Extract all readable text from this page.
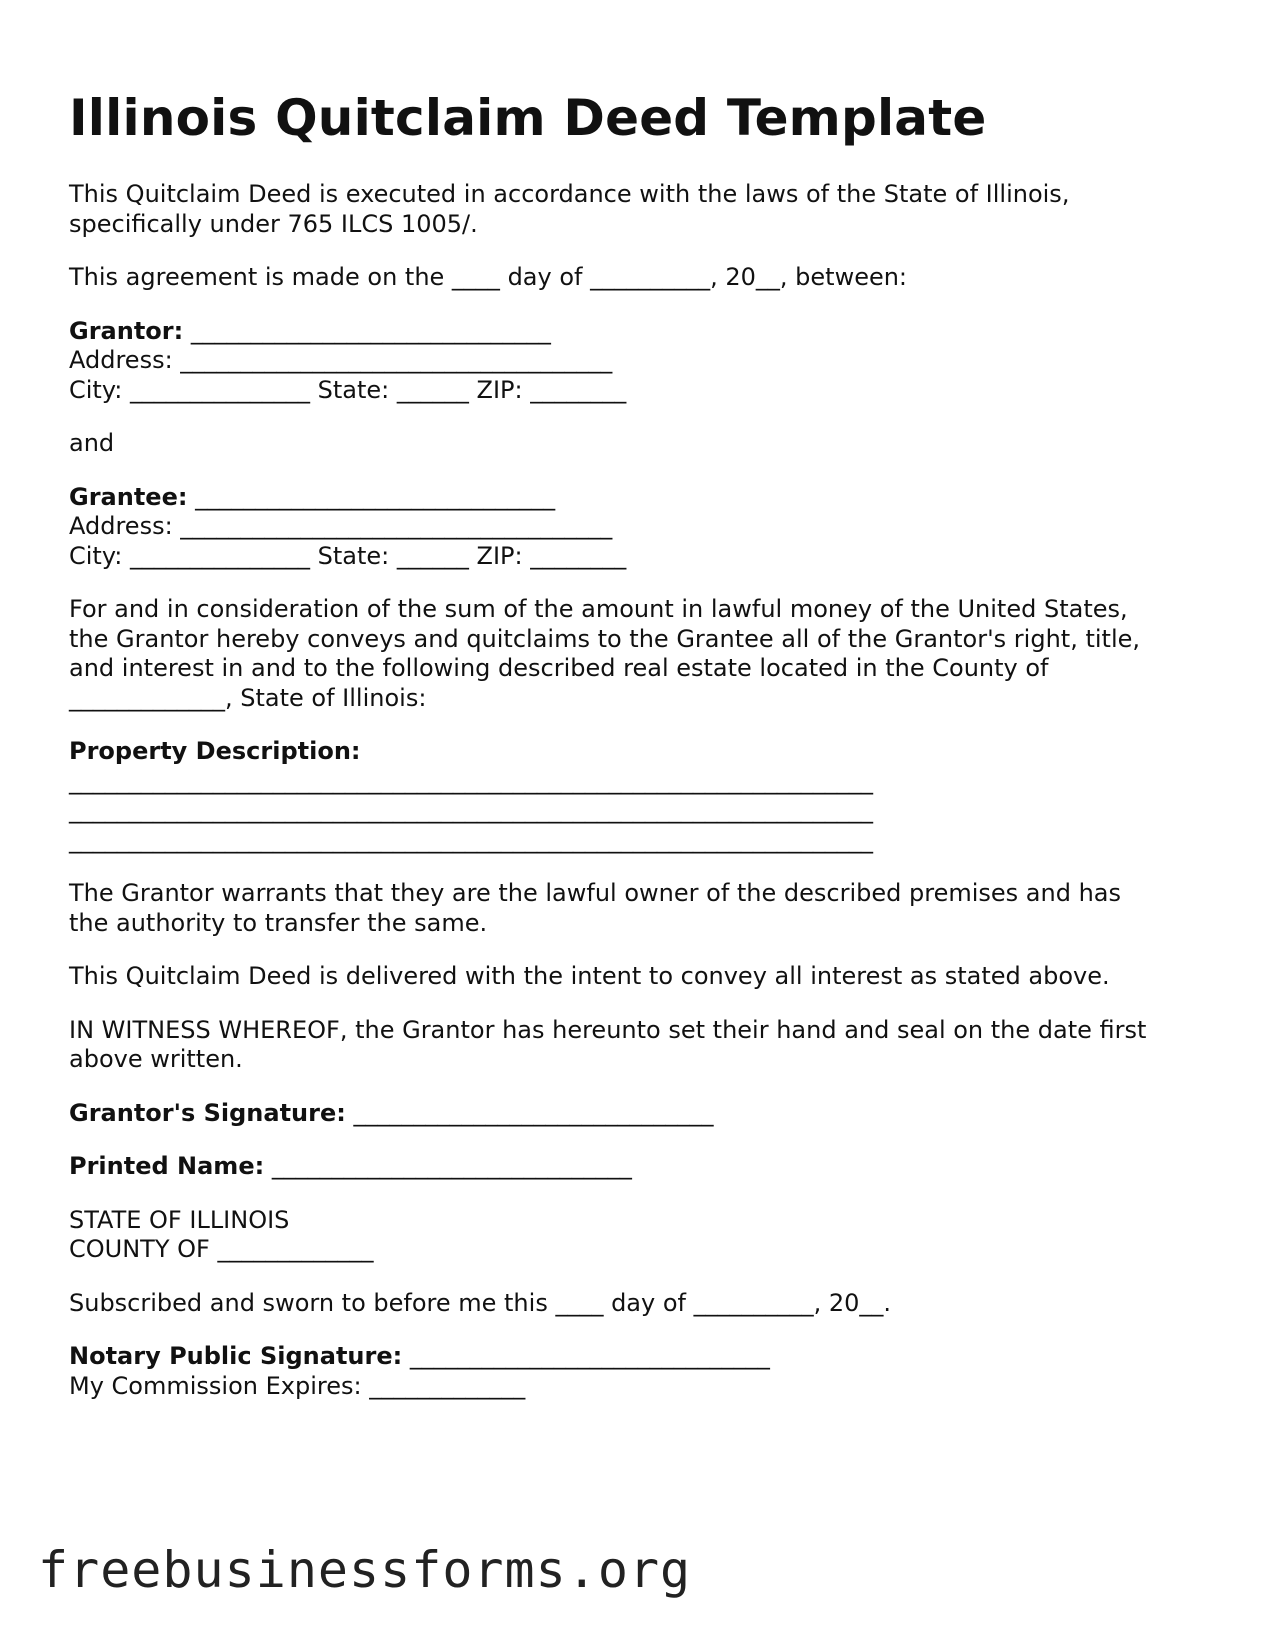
Illinois Quitclaim Deed Template

This Quitclaim Deed is executed in accordance with the laws of the State of Illinois,
specifically under 765 ILCS 1005/.

This agreement is made on the ____ day of __________, 20__, between:

Grantor: ______________________________
Address: ____________________________________
City: _______________ State: ______ ZIP: ________

and

Grantee: ______________________________
Address: ____________________________________
City: _______________ State: ______ ZIP: ________

For and in consideration of the sum of the amount in lawful money of the United States,
the Grantor hereby conveys and quitclaims to the Grantee all of the Grantor's right, title,
and interest in and to the following described real estate located in the County of
_____________, State of Illinois:

Property Description:
___________________________________________________________________
___________________________________________________________________
___________________________________________________________________

The Grantor warrants that they are the lawful owner of the described premises and has
the authority to transfer the same.

This Quitclaim Deed is delivered with the intent to convey all interest as stated above.

IN WITNESS WHEREOF, the Grantor has hereunto set their hand and seal on the date first
above written.

Grantor's Signature: ______________________________

Printed Name: ______________________________

STATE OF ILLINOIS
COUNTY OF _____________

Subscribed and sworn to before me this ____ day of __________, 20__.

Notary Public Signature: ______________________________
My Commission Expires: _____________

freebusinessforms.org
